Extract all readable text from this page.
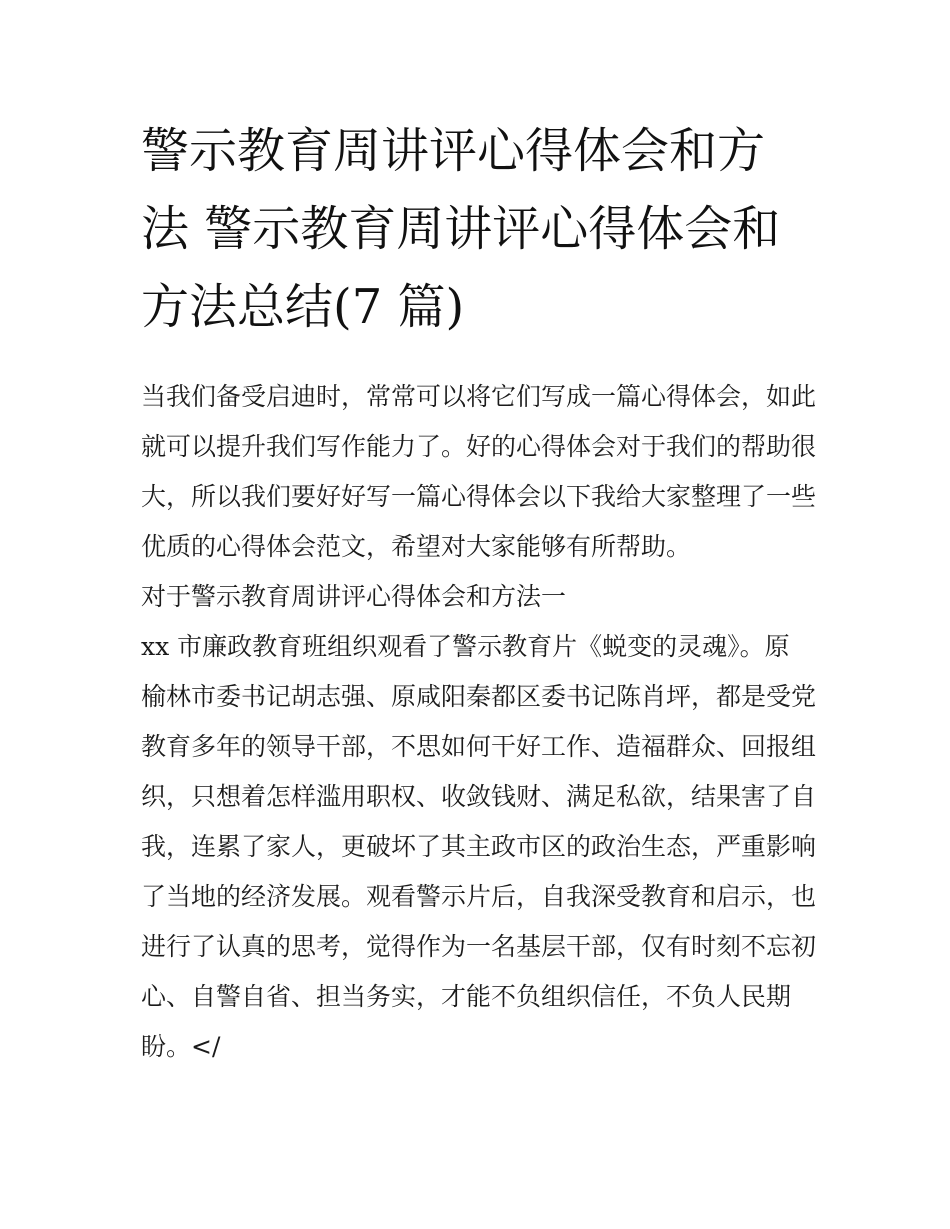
警示教育周讲评心得体会和方
法 警示教育周讲评心得体会和
方法总结(7 篇)
当我们备受启迪时，常常可以将它们写成一篇心得体会，如此
就可以提升我们写作能力了。好的心得体会对于我们的帮助很
大，所以我们要好好写一篇心得体会以下我给大家整理了一些
优质的心得体会范文，希望对大家能够有所帮助。
对于警示教育周讲评心得体会和方法一
xx 市廉政教育班组织观看了警示教育片《蜕变的灵魂》。原
榆林市委书记胡志强、原咸阳秦都区委书记陈肖坪，都是受党
教育多年的领导干部，不思如何干好工作、造福群众、回报组
织，只想着怎样滥用职权、收敛钱财、满足私欲，结果害了自
我，连累了家人，更破坏了其主政市区的政治生态，严重影响
了当地的经济发展。观看警示片后，自我深受教育和启示，也
进行了认真的思考，觉得作为一名基层干部，仅有时刻不忘初
心、自警自省、担当务实，才能不负组织信任，不负人民期
盼。</
